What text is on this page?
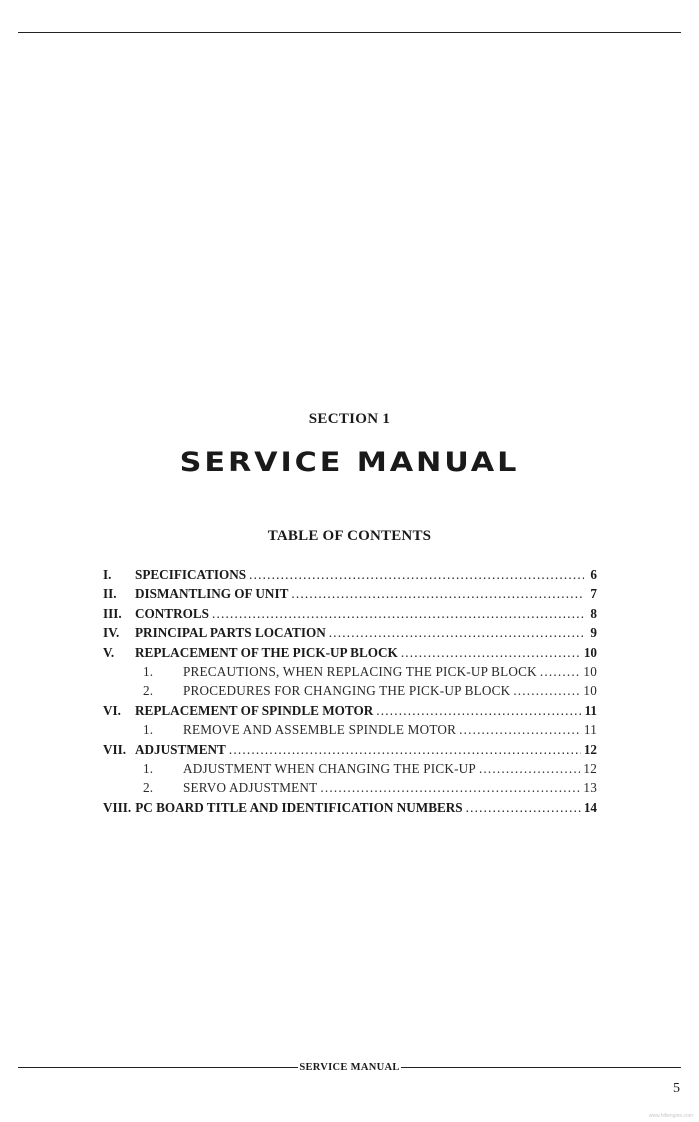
SECTION 1
SERVICE MANUAL
TABLE OF CONTENTS
I.	SPECIFICATIONS .....	6
II.	DISMANTLING OF UNIT .....	7
III.	CONTROLS .....	8
IV.	PRINCIPAL PARTS LOCATION .....	9
V.	REPLACEMENT OF THE PICK-UP BLOCK .....	10
1.	PRECAUTIONS, WHEN REPLACING THE PICK-UP BLOCK .....	10
2.	PROCEDURES FOR CHANGING THE PICK-UP BLOCK .....	10
VI.	REPLACEMENT OF SPINDLE MOTOR .....	11
1.	REMOVE AND ASSEMBLE SPINDLE MOTOR .....	11
VII. ADJUSTMENT .....	12
1.	ADJUSTMENT WHEN CHANGING THE PICK-UP .....	12
2.	SERVO ADJUSTMENT .....	13
VIII. PC BOARD TITLE AND IDENTIFICATION NUMBERS .....	14
SERVICE MANUAL
5
www.hifiengine.com
